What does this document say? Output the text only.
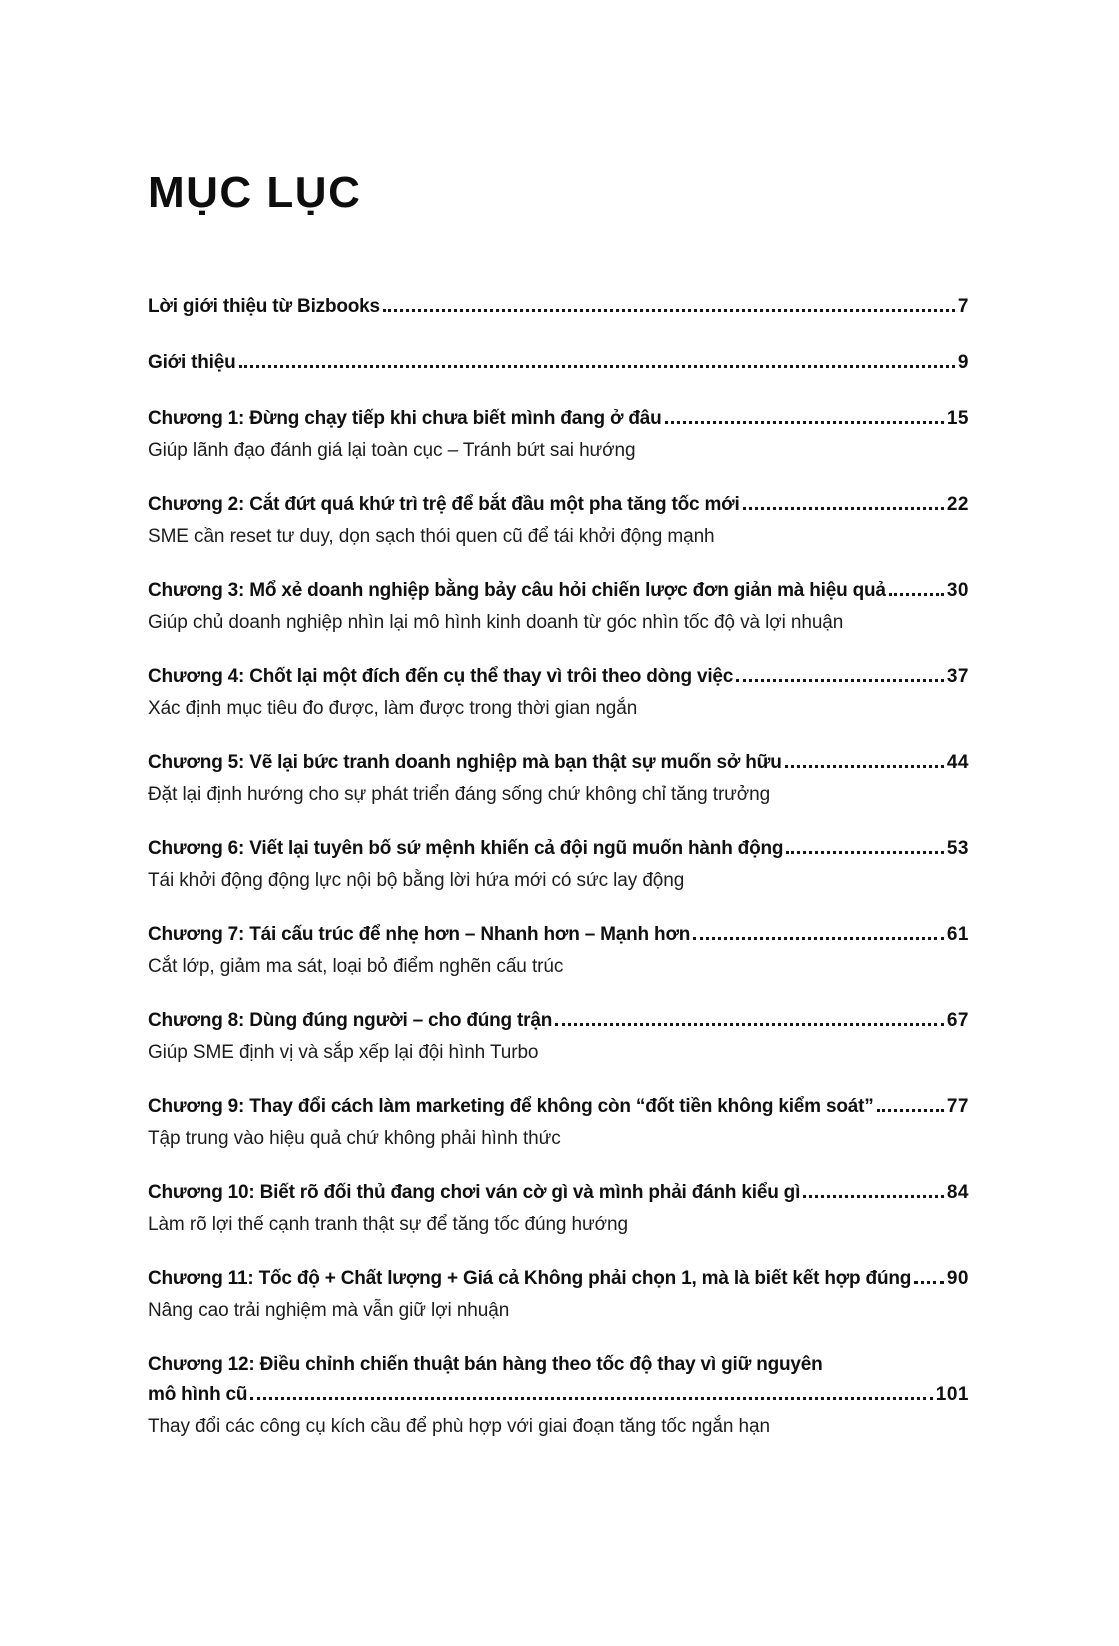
MỤC LỤC
Lời giới thiệu từ Bizbooks	7
Giới thiệu	9
Chương 1: Đừng chạy tiếp khi chưa biết mình đang ở đâu	15
Giúp lãnh đạo đánh giá lại toàn cục – Tránh bứt sai hướng
Chương 2: Cắt đứt quá khứ trì trệ để bắt đầu một pha tăng tốc mới	22
SME cần reset tư duy, dọn sạch thói quen cũ để tái khởi động mạnh
Chương 3: Mổ xẻ doanh nghiệp bằng bảy câu hỏi chiến lược đơn giản mà hiệu quả	30
Giúp chủ doanh nghiệp nhìn lại mô hình kinh doanh từ góc nhìn tốc độ và lợi nhuận
Chương 4: Chốt lại một đích đến cụ thể thay vì trôi theo dòng việc	37
Xác định mục tiêu đo được, làm được trong thời gian ngắn
Chương 5: Vẽ lại bức tranh doanh nghiệp mà bạn thật sự muốn sở hữu	44
Đặt lại định hướng cho sự phát triển đáng sống chứ không chỉ tăng trưởng
Chương 6: Viết lại tuyên bố sứ mệnh khiến cả đội ngũ muốn hành động	53
Tái khởi động động lực nội bộ bằng lời hứa mới có sức lay động
Chương 7: Tái cấu trúc để nhẹ hơn – Nhanh hơn – Mạnh hơn	61
Cắt lớp, giảm ma sát, loại bỏ điểm nghẽn cấu trúc
Chương 8: Dùng đúng người – cho đúng trận	67
Giúp SME định vị và sắp xếp lại đội hình Turbo
Chương 9: Thay đổi cách làm marketing để không còn “đốt tiền không kiểm soát”	77
Tập trung vào hiệu quả chứ không phải hình thức
Chương 10: Biết rõ đối thủ đang chơi ván cờ gì và mình phải đánh kiểu gì	84
Làm rõ lợi thế cạnh tranh thật sự để tăng tốc đúng hướng
Chương 11: Tốc độ + Chất lượng + Giá cả Không phải chọn 1, mà là biết kết hợp đúng 90
Nâng cao trải nghiệm mà vẫn giữ lợi nhuận
Chương 12: Điều chỉnh chiến thuật bán hàng theo tốc độ thay vì giữ nguyên
mô hình cũ	101
Thay đổi các công cụ kích cầu để phù hợp với giai đoạn tăng tốc ngắn hạn
